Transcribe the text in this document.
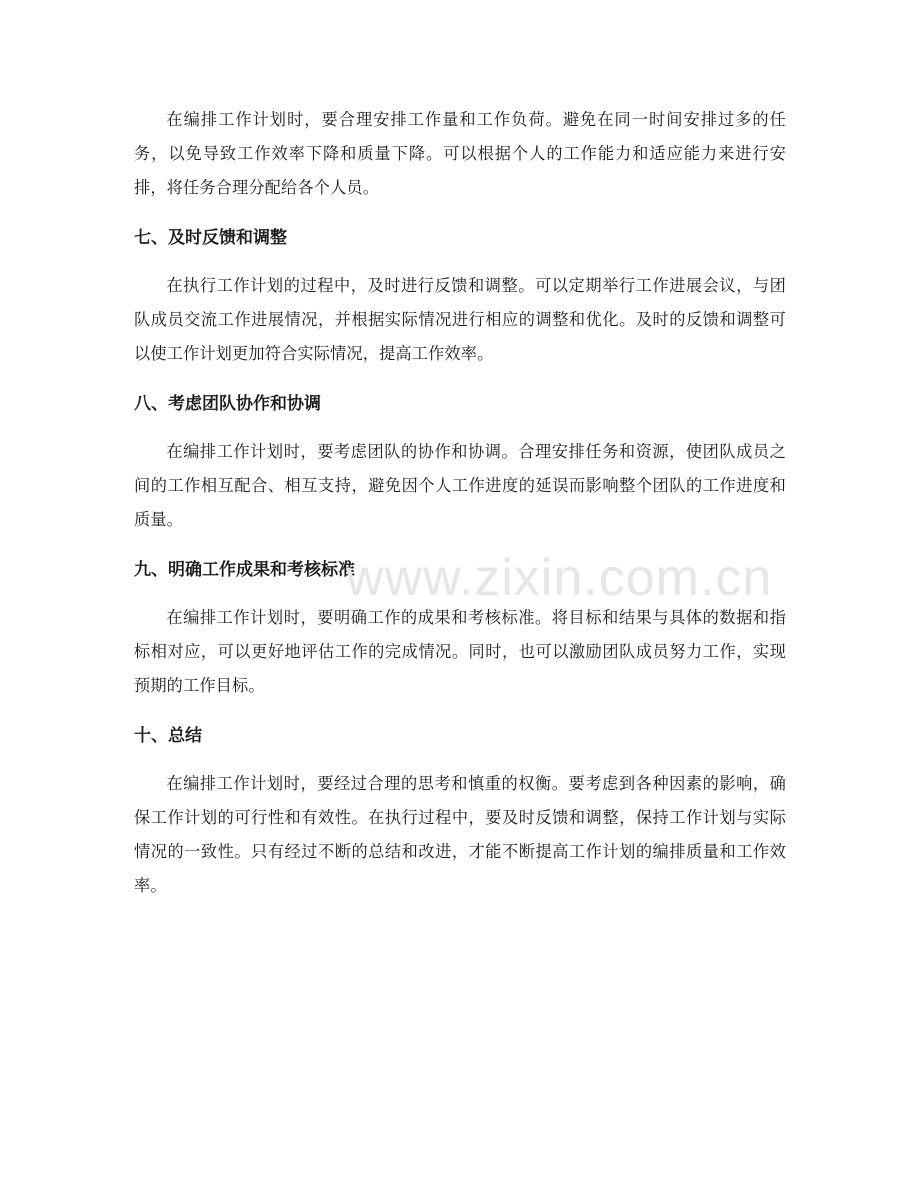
在编排工作计划时，要合理安排工作量和工作负荷。避免在同一时间安排过多的任务，以免导致工作效率下降和质量下降。可以根据个人的工作能力和适应能力来进行安排，将任务合理分配给各个人员。

七、及时反馈和调整

在执行工作计划的过程中，及时进行反馈和调整。可以定期举行工作进展会议，与团队成员交流工作进展情况，并根据实际情况进行相应的调整和优化。及时的反馈和调整可以使工作计划更加符合实际情况，提高工作效率。

八、考虑团队协作和协调

在编排工作计划时，要考虑团队的协作和协调。合理安排任务和资源，使团队成员之间的工作相互配合、相互支持，避免因个人工作进度的延误而影响整个团队的工作进度和质量。

九、明确工作成果和考核标准

在编排工作计划时，要明确工作的成果和考核标准。将目标和结果与具体的数据和指标相对应，可以更好地评估工作的完成情况。同时，也可以激励团队成员努力工作，实现预期的工作目标。

十、总结

在编排工作计划时，要经过合理的思考和慎重的权衡。要考虑到各种因素的影响，确保工作计划的可行性和有效性。在执行过程中，要及时反馈和调整，保持工作计划与实际情况的一致性。只有经过不断的总结和改进，才能不断提高工作计划的编排质量和工作效率。

www.zixin.com.cn
